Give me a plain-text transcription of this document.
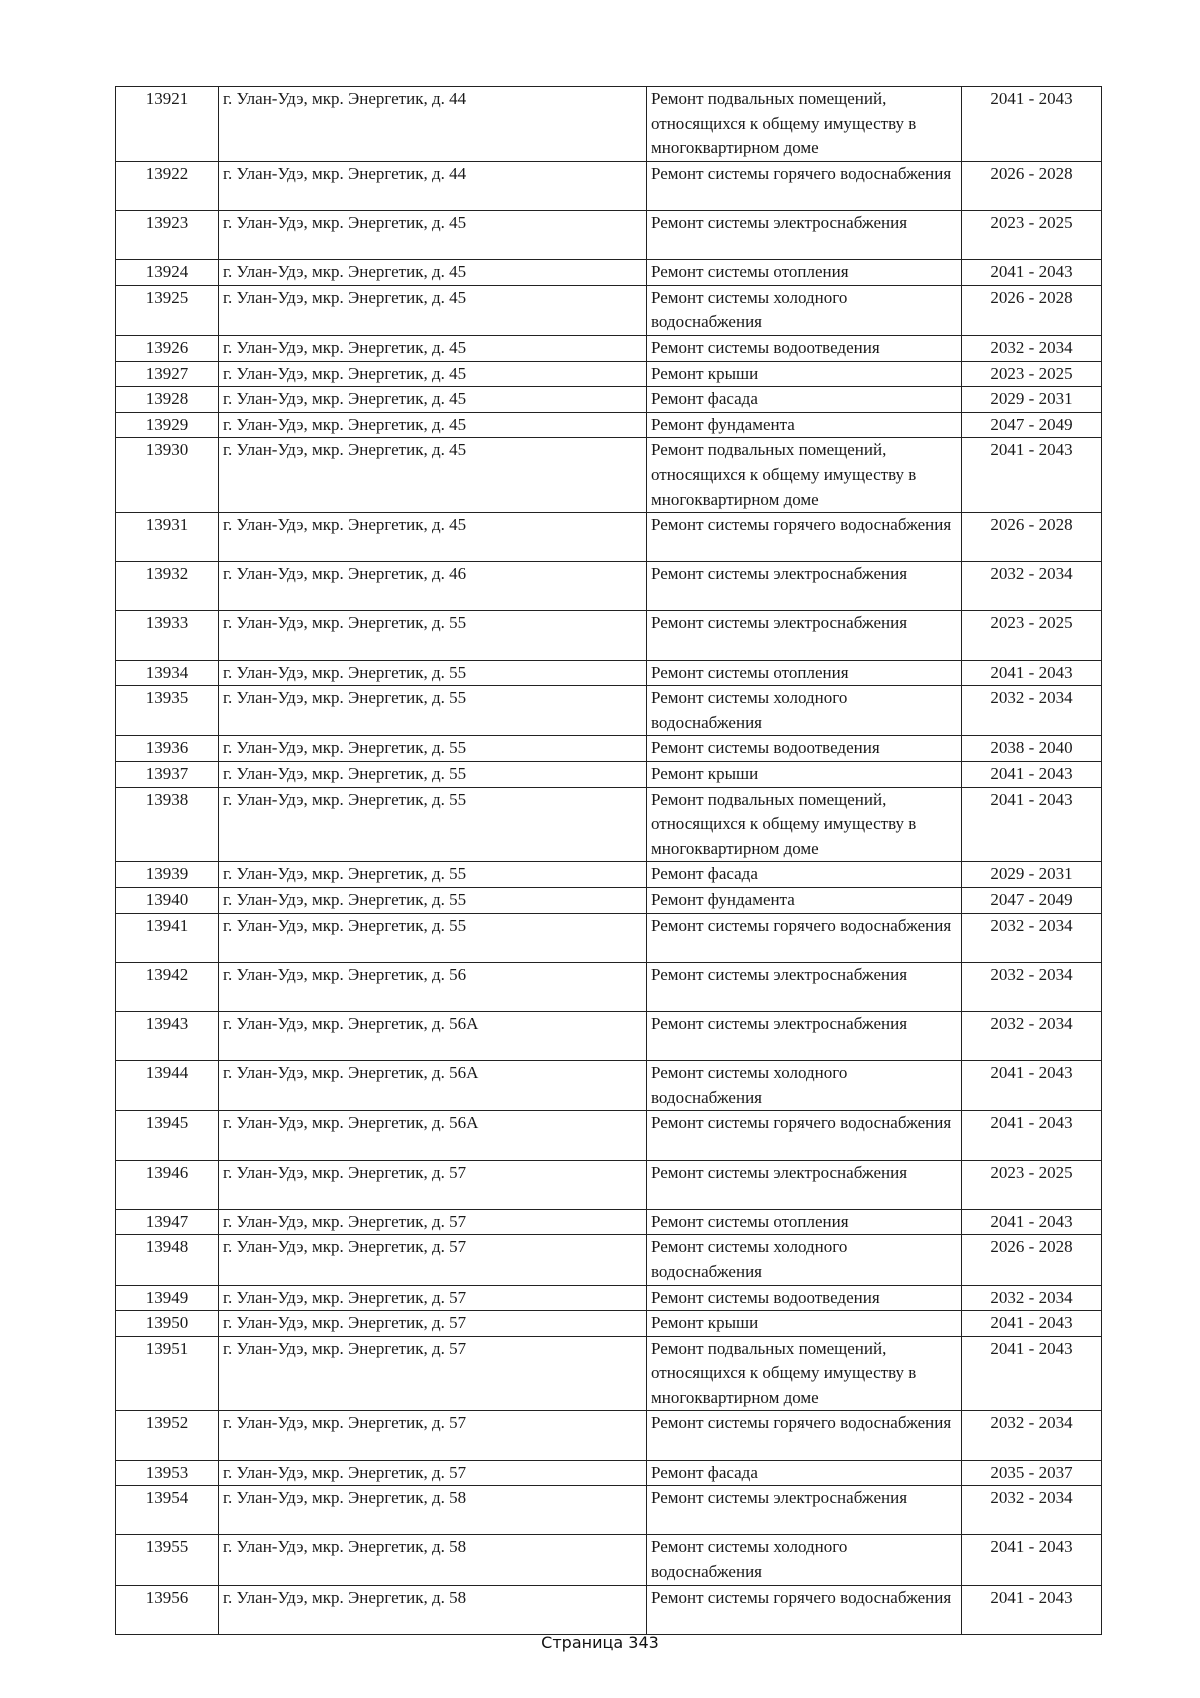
13921	г. Улан-Удэ, мкр. Энергетик, д. 44	Ремонт подвальных помещений, относящихся к общему имуществу в многоквартирном доме	2041 - 2043
13922	г. Улан-Удэ, мкр. Энергетик, д. 44	Ремонт системы горячего водоснабжения	2026 - 2028
13923	г. Улан-Удэ, мкр. Энергетик, д. 45	Ремонт системы электроснабжения	2023 - 2025
13924	г. Улан-Удэ, мкр. Энергетик, д. 45	Ремонт системы отопления	2041 - 2043
13925	г. Улан-Удэ, мкр. Энергетик, д. 45	Ремонт системы холодного водоснабжения	2026 - 2028
13926	г. Улан-Удэ, мкр. Энергетик, д. 45	Ремонт системы водоотведения	2032 - 2034
13927	г. Улан-Удэ, мкр. Энергетик, д. 45	Ремонт крыши	2023 - 2025
13928	г. Улан-Удэ, мкр. Энергетик, д. 45	Ремонт фасада	2029 - 2031
13929	г. Улан-Удэ, мкр. Энергетик, д. 45	Ремонт фундамента	2047 - 2049
13930	г. Улан-Удэ, мкр. Энергетик, д. 45	Ремонт подвальных помещений, относящихся к общему имуществу в многоквартирном доме	2041 - 2043
13931	г. Улан-Удэ, мкр. Энергетик, д. 45	Ремонт системы горячего водоснабжения	2026 - 2028
13932	г. Улан-Удэ, мкр. Энергетик, д. 46	Ремонт системы электроснабжения	2032 - 2034
13933	г. Улан-Удэ, мкр. Энергетик, д. 55	Ремонт системы электроснабжения	2023 - 2025
13934	г. Улан-Удэ, мкр. Энергетик, д. 55	Ремонт системы отопления	2041 - 2043
13935	г. Улан-Удэ, мкр. Энергетик, д. 55	Ремонт системы холодного водоснабжения	2032 - 2034
13936	г. Улан-Удэ, мкр. Энергетик, д. 55	Ремонт системы водоотведения	2038 - 2040
13937	г. Улан-Удэ, мкр. Энергетик, д. 55	Ремонт крыши	2041 - 2043
13938	г. Улан-Удэ, мкр. Энергетик, д. 55	Ремонт подвальных помещений, относящихся к общему имуществу в многоквартирном доме	2041 - 2043
13939	г. Улан-Удэ, мкр. Энергетик, д. 55	Ремонт фасада	2029 - 2031
13940	г. Улан-Удэ, мкр. Энергетик, д. 55	Ремонт фундамента	2047 - 2049
13941	г. Улан-Удэ, мкр. Энергетик, д. 55	Ремонт системы горячего водоснабжения	2032 - 2034
13942	г. Улан-Удэ, мкр. Энергетик, д. 56	Ремонт системы электроснабжения	2032 - 2034
13943	г. Улан-Удэ, мкр. Энергетик, д. 56А	Ремонт системы электроснабжения	2032 - 2034
13944	г. Улан-Удэ, мкр. Энергетик, д. 56А	Ремонт системы холодного водоснабжения	2041 - 2043
13945	г. Улан-Удэ, мкр. Энергетик, д. 56А	Ремонт системы горячего водоснабжения	2041 - 2043
13946	г. Улан-Удэ, мкр. Энергетик, д. 57	Ремонт системы электроснабжения	2023 - 2025
13947	г. Улан-Удэ, мкр. Энергетик, д. 57	Ремонт системы отопления	2041 - 2043
13948	г. Улан-Удэ, мкр. Энергетик, д. 57	Ремонт системы холодного водоснабжения	2026 - 2028
13949	г. Улан-Удэ, мкр. Энергетик, д. 57	Ремонт системы водоотведения	2032 - 2034
13950	г. Улан-Удэ, мкр. Энергетик, д. 57	Ремонт крыши	2041 - 2043
13951	г. Улан-Удэ, мкр. Энергетик, д. 57	Ремонт подвальных помещений, относящихся к общему имуществу в многоквартирном доме	2041 - 2043
13952	г. Улан-Удэ, мкр. Энергетик, д. 57	Ремонт системы горячего водоснабжения	2032 - 2034
13953	г. Улан-Удэ, мкр. Энергетик, д. 57	Ремонт фасада	2035 - 2037
13954	г. Улан-Удэ, мкр. Энергетик, д. 58	Ремонт системы электроснабжения	2032 - 2034
13955	г. Улан-Удэ, мкр. Энергетик, д. 58	Ремонт системы холодного водоснабжения	2041 - 2043
13956	г. Улан-Удэ, мкр. Энергетик, д. 58	Ремонт системы горячего водоснабжения	2041 - 2043
Страница 343
